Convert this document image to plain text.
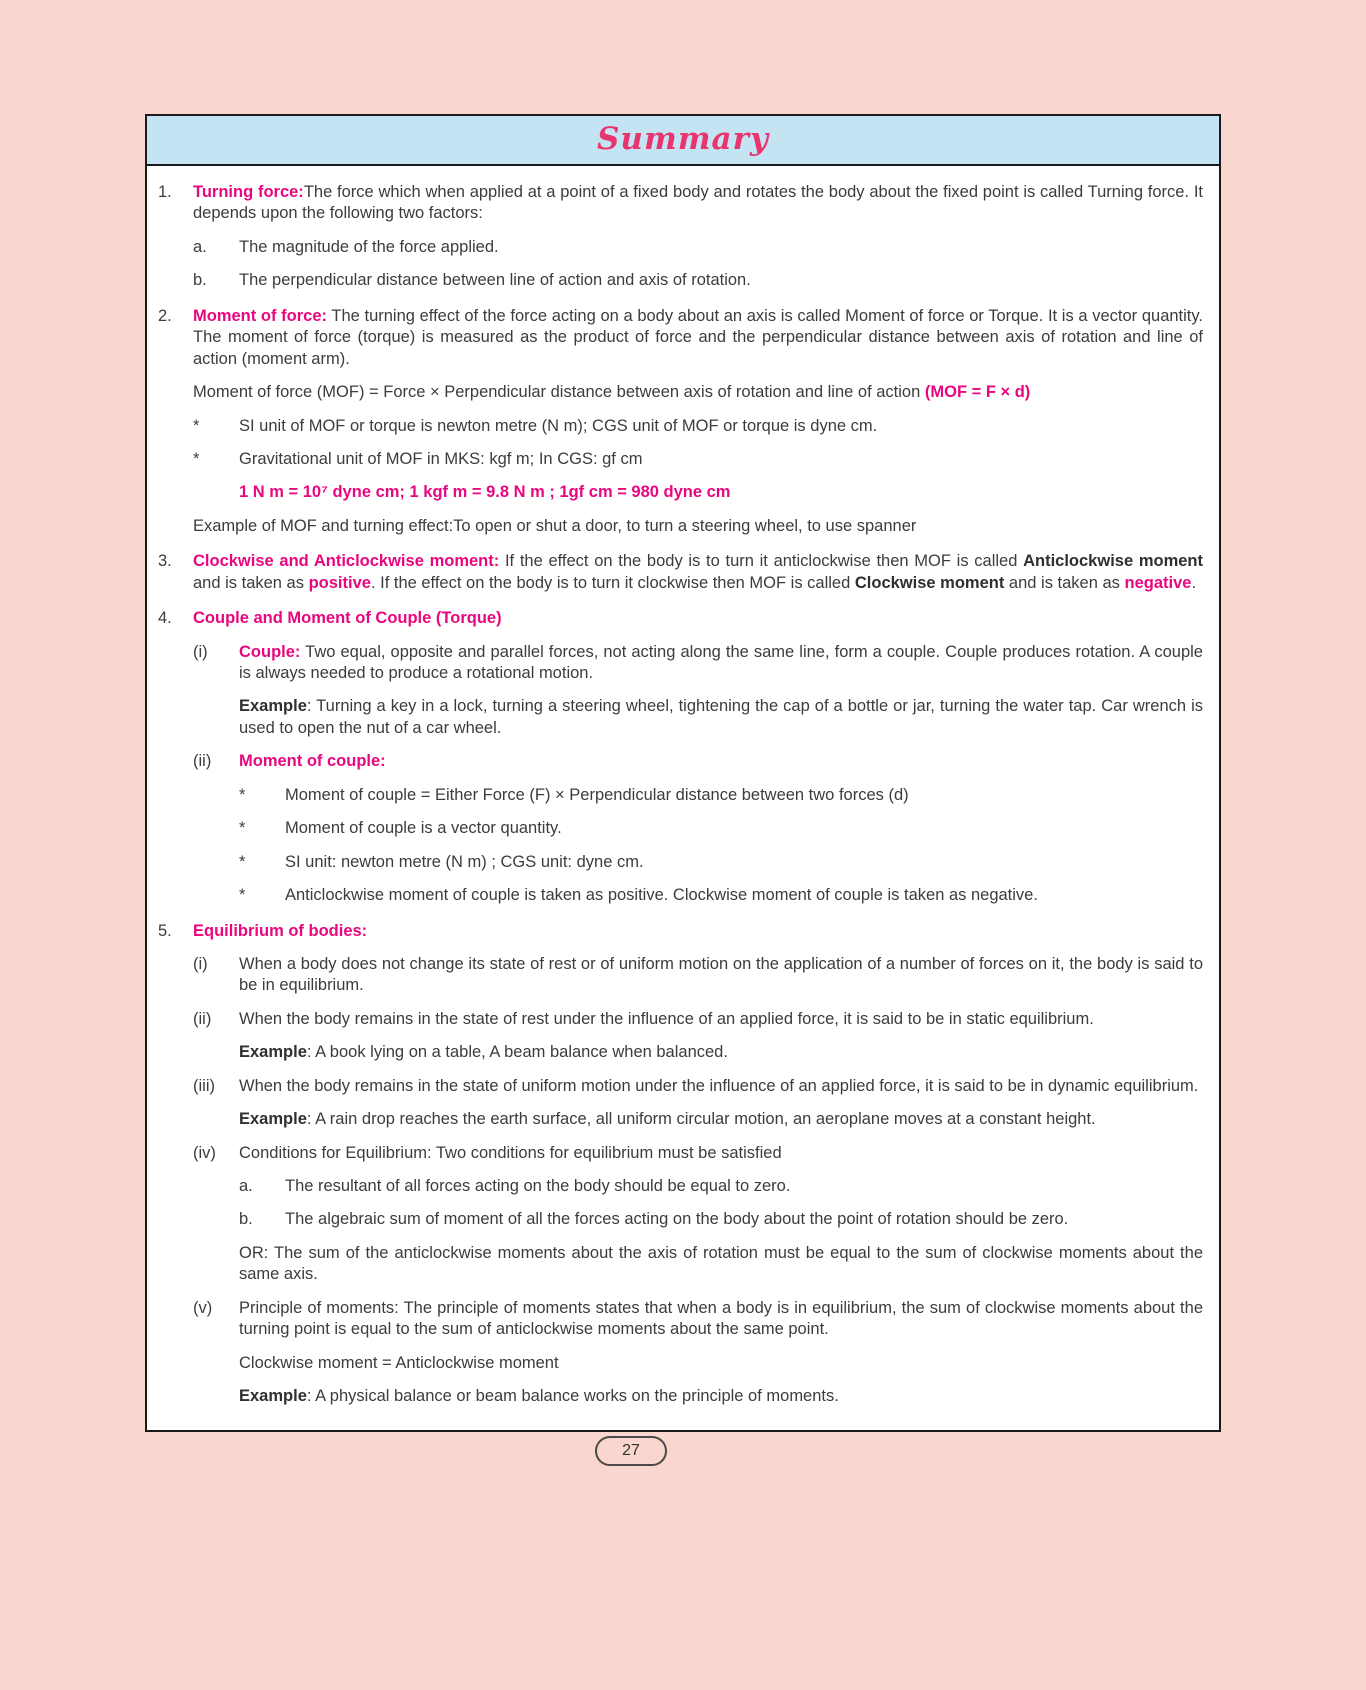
Summary
1.	Turning force:The force which when applied at a point of a fixed body and rotates the body about the fixed point is called Turning force. It depends upon the following two factors:

a.	The magnitude of the force applied.
b.	The perpendicular distance between line of action and axis of rotation.
2.	Moment of force: The turning effect of the force acting on a body about an axis is called Moment of force or Torque. It is a vector quantity. The moment of force (torque) is measured as the product of force and the perpendicular distance between axis of rotation and line of action (moment arm).

Moment of force (MOF) = Force × Perpendicular distance between axis of rotation and line of action (MOF = F × d)

*	SI unit of MOF or torque is newton metre (N m); CGS unit of MOF or torque is dyne cm.
*	Gravitational unit of MOF in MKS: kgf m; In CGS: gf cm

1 N m = 10⁷ dyne cm; 1 kgf m = 9.8 N m ; 1gf cm = 980 dyne cm

Example of MOF and turning effect:To open or shut a door, to turn a steering wheel, to use spanner

3.	Clockwise and Anticlockwise moment: If the effect on the body is to turn it anticlockwise then MOF is called Anticlockwise moment and is taken as positive. If the effect on the body is to turn it clockwise then MOF is called Clockwise moment and is taken as negative.

4.	Couple and Moment of Couple (Torque)

(i)	Couple: Two equal, opposite and parallel forces, not acting along the same line, form a couple. Couple produces rotation. A couple is always needed to produce a rotational motion.

Example: Turning a key in a lock, turning a steering wheel, tightening the cap of a bottle or jar, turning the water tap. Car wrench is used to open the nut of a car wheel.

(ii)	Moment of couple:

*	Moment of couple = Either Force (F) × Perpendicular distance between two forces (d)
*	Moment of couple is a vector quantity.
*	SI unit: newton metre (N m) ; CGS unit: dyne cm.
*	Anticlockwise moment of couple is taken as positive. Clockwise moment of couple is taken as negative.
5.	Equilibrium of bodies:

(i)	When a body does not change its state of rest or of uniform motion on the application of a number of forces on it, the body is said to be in equilibrium.
(ii)	When the body remains in the state of rest under the influence of an applied force, it is said to be in static equilibrium.

Example: A book lying on a table, A beam balance when balanced.

(iii)	When the body remains in the state of uniform motion under the influence of an applied force, it is said to be in dynamic equilibrium.

Example: A rain drop reaches the earth surface, all uniform circular motion, an aeroplane moves at a constant height.

(iv)	Conditions for Equilibrium: Two conditions for equilibrium must be satisfied

a.	The resultant of all forces acting on the body should be equal to zero.
b.	The algebraic sum of moment of all the forces acting on the body about the point of rotation should be zero.

OR: The sum of the anticlockwise moments about the axis of rotation must be equal to the sum of clockwise moments about the same axis.

(v)	Principle of moments: The principle of moments states that when a body is in equilibrium, the sum of clockwise moments about the turning point is equal to the sum of anticlockwise moments about the same point.

Clockwise moment = Anticlockwise moment

Example: A physical balance or beam balance works on the principle of moments.

27
